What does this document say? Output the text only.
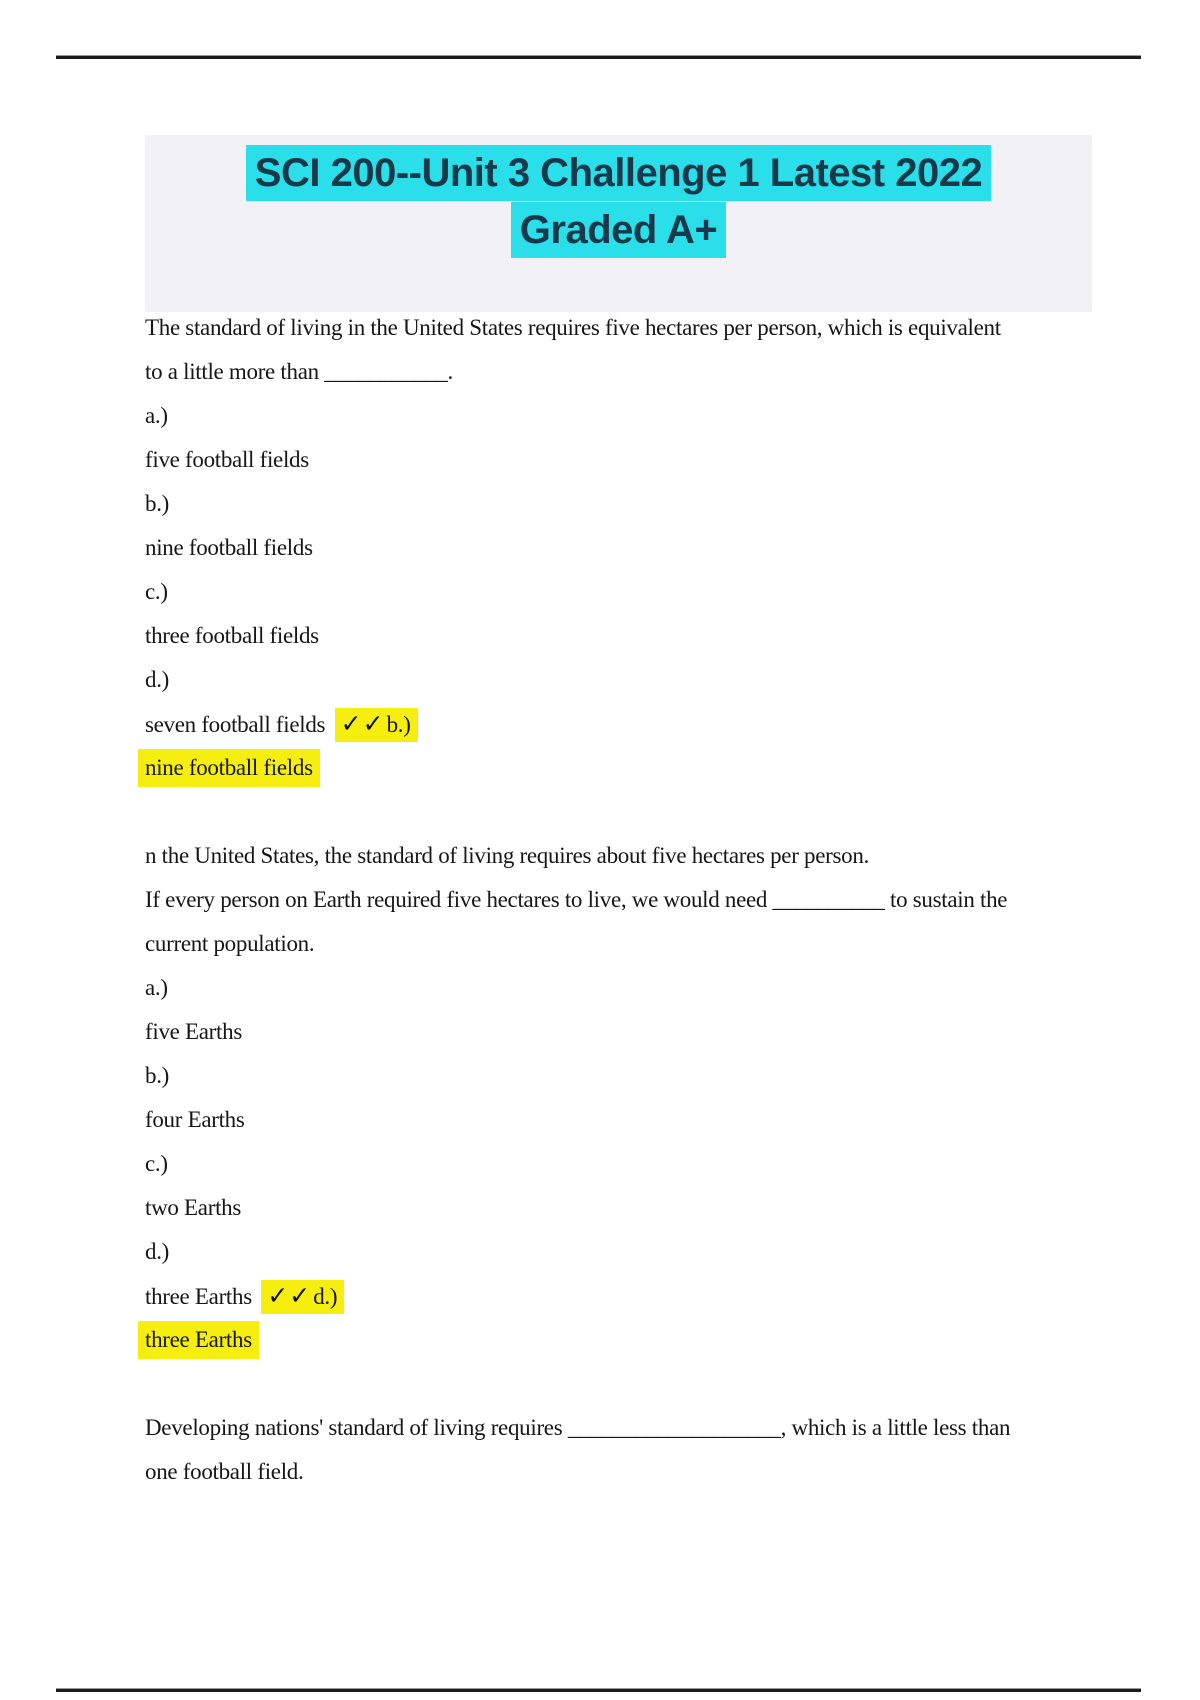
SCI 200--Unit 3 Challenge 1 Latest 2022
Graded A+
The standard of living in the United States requires five hectares per person, which is equivalent
to a little more than ___________.
a.)
five football fields
b.)
nine football fields
c.)
three football fields
d.)
seven football fields ✓✓b.)
nine football fields
n the United States, the standard of living requires about five hectares per person.
If every person on Earth required five hectares to live, we would need __________ to sustain the
current population.
a.)
five Earths
b.)
four Earths
c.)
two Earths
d.)
three Earths ✓✓d.)
three Earths
Developing nations' standard of living requires ___________________, which is a little less than
one football field.
